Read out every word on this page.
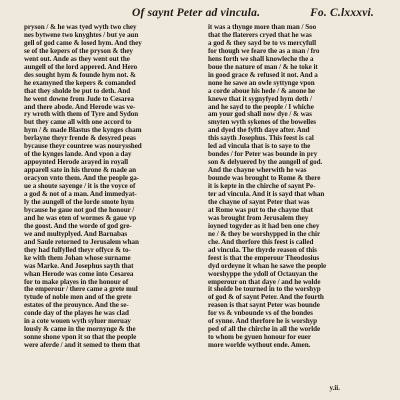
Of saynt Peter ad vincula.	Fo. C.lxxxvi.
pryson / & he was tyed wyth two chey
nes bytwene two knyghtes / but ye aun
gell of god came & losed hym. And they
se of the kepers of the pryson & they
went out. Ande as they went out the
aungell of the lord appered. And Hero
des sought hym & founde hym not. &
he examyned the kepers & comanded
that they sholde be put to deth. And
he went downe from Jude to Cesarea
and there abode. And Herode was ve-
ry wroth with them of Tyre and Sydon
but they came all with one accord to
hym / & made Blastus the kynges cham
berlayne theyr frende & desyred peas
bycause theyr countree was nourysshed
of the kynges lande. And vpon a day
appoynted Herode arayed in royall
apparell sate in his throne & made an
oracyon vnto them. And the people ga-
ue a shoute sayenge / it is the voyce of
a god & not of a man. And immedyat-
ly the aungell of the lorde smote hym
bycause he gaue not god the honour /
and he was eten of wormes & gaue vp
the goost. And the worde of god gre-
we and multyplyed. And Barnabas
and Saule retorned to Jerusalem whan
they had fulfylled theyr offyce & to-
ke with them Johan whose surname
was Marke. And Josephus sayth that
whan Herode was come into Cesarea
for to make playes in the honour of
the emperour / there came a grete mul
tytude of noble men and of the grete
estates of the prouynce. And the se-
conde day of the playes he was clad
in a cote wouen wyth syluer meruay
lously & came in the mornynge & the
sonne shone vpon it so that the people
were aferde / and it semed to them that
it was a thynge more than man / Soo
that the flaterers cryed that he was
a god & they sayd be to vs mercyfull
for though we feare the as a man / fro
hens forth we shall knowleche the a
boue the nature of man / & he toke it
in good grace & refused it not. And a
none he sawe an owle syttynge vpon
a corde aboue his hede / & anone he
knewe that it sygnyfyed hym deth /
and he sayd to the people / I whiche
am your god shall now dye / & was
smyten wyth sykenes of the bowelles
and dyed the fyfth daye after. And
this sayth Josephus. This feest is cal
led ad vincula that is to saye to the
bondes / for Peter was bounde in pry
son & delyuered by the aungell of god.
And the chayne wherwith he was
bounde was brought to Rome & there
it is kepte in the chirche of saynt Pe-
ter ad vincula. And it is sayd that whan
the chayne of saynt Peter that was
at Rome was put to the chayne that
was brought from Jerusalem they
ioyned togyder as it had ben one chey
ne / & they be worshypped in the chir
che. And therfore this feest is called
ad vincula. The thyrde reason of this
feest is that the emperour Theodosius
dyd ordeyne it whan he sawe the people
worshyppe the ydoll of Octauyan the
emperour on that daye / and he wolde
it sholde be tourned in to the worshyp
of god & of saynt Peter. And the fourth
reason is that saynt Peter was bounde
for vs & vnbounde vs of the bondes
of synne. And therfore he is worshyp
ped of all the chirche in all the worlde
to whom be gyuen honour for euer
more worlde wythout ende. Amen.
y.ii.
